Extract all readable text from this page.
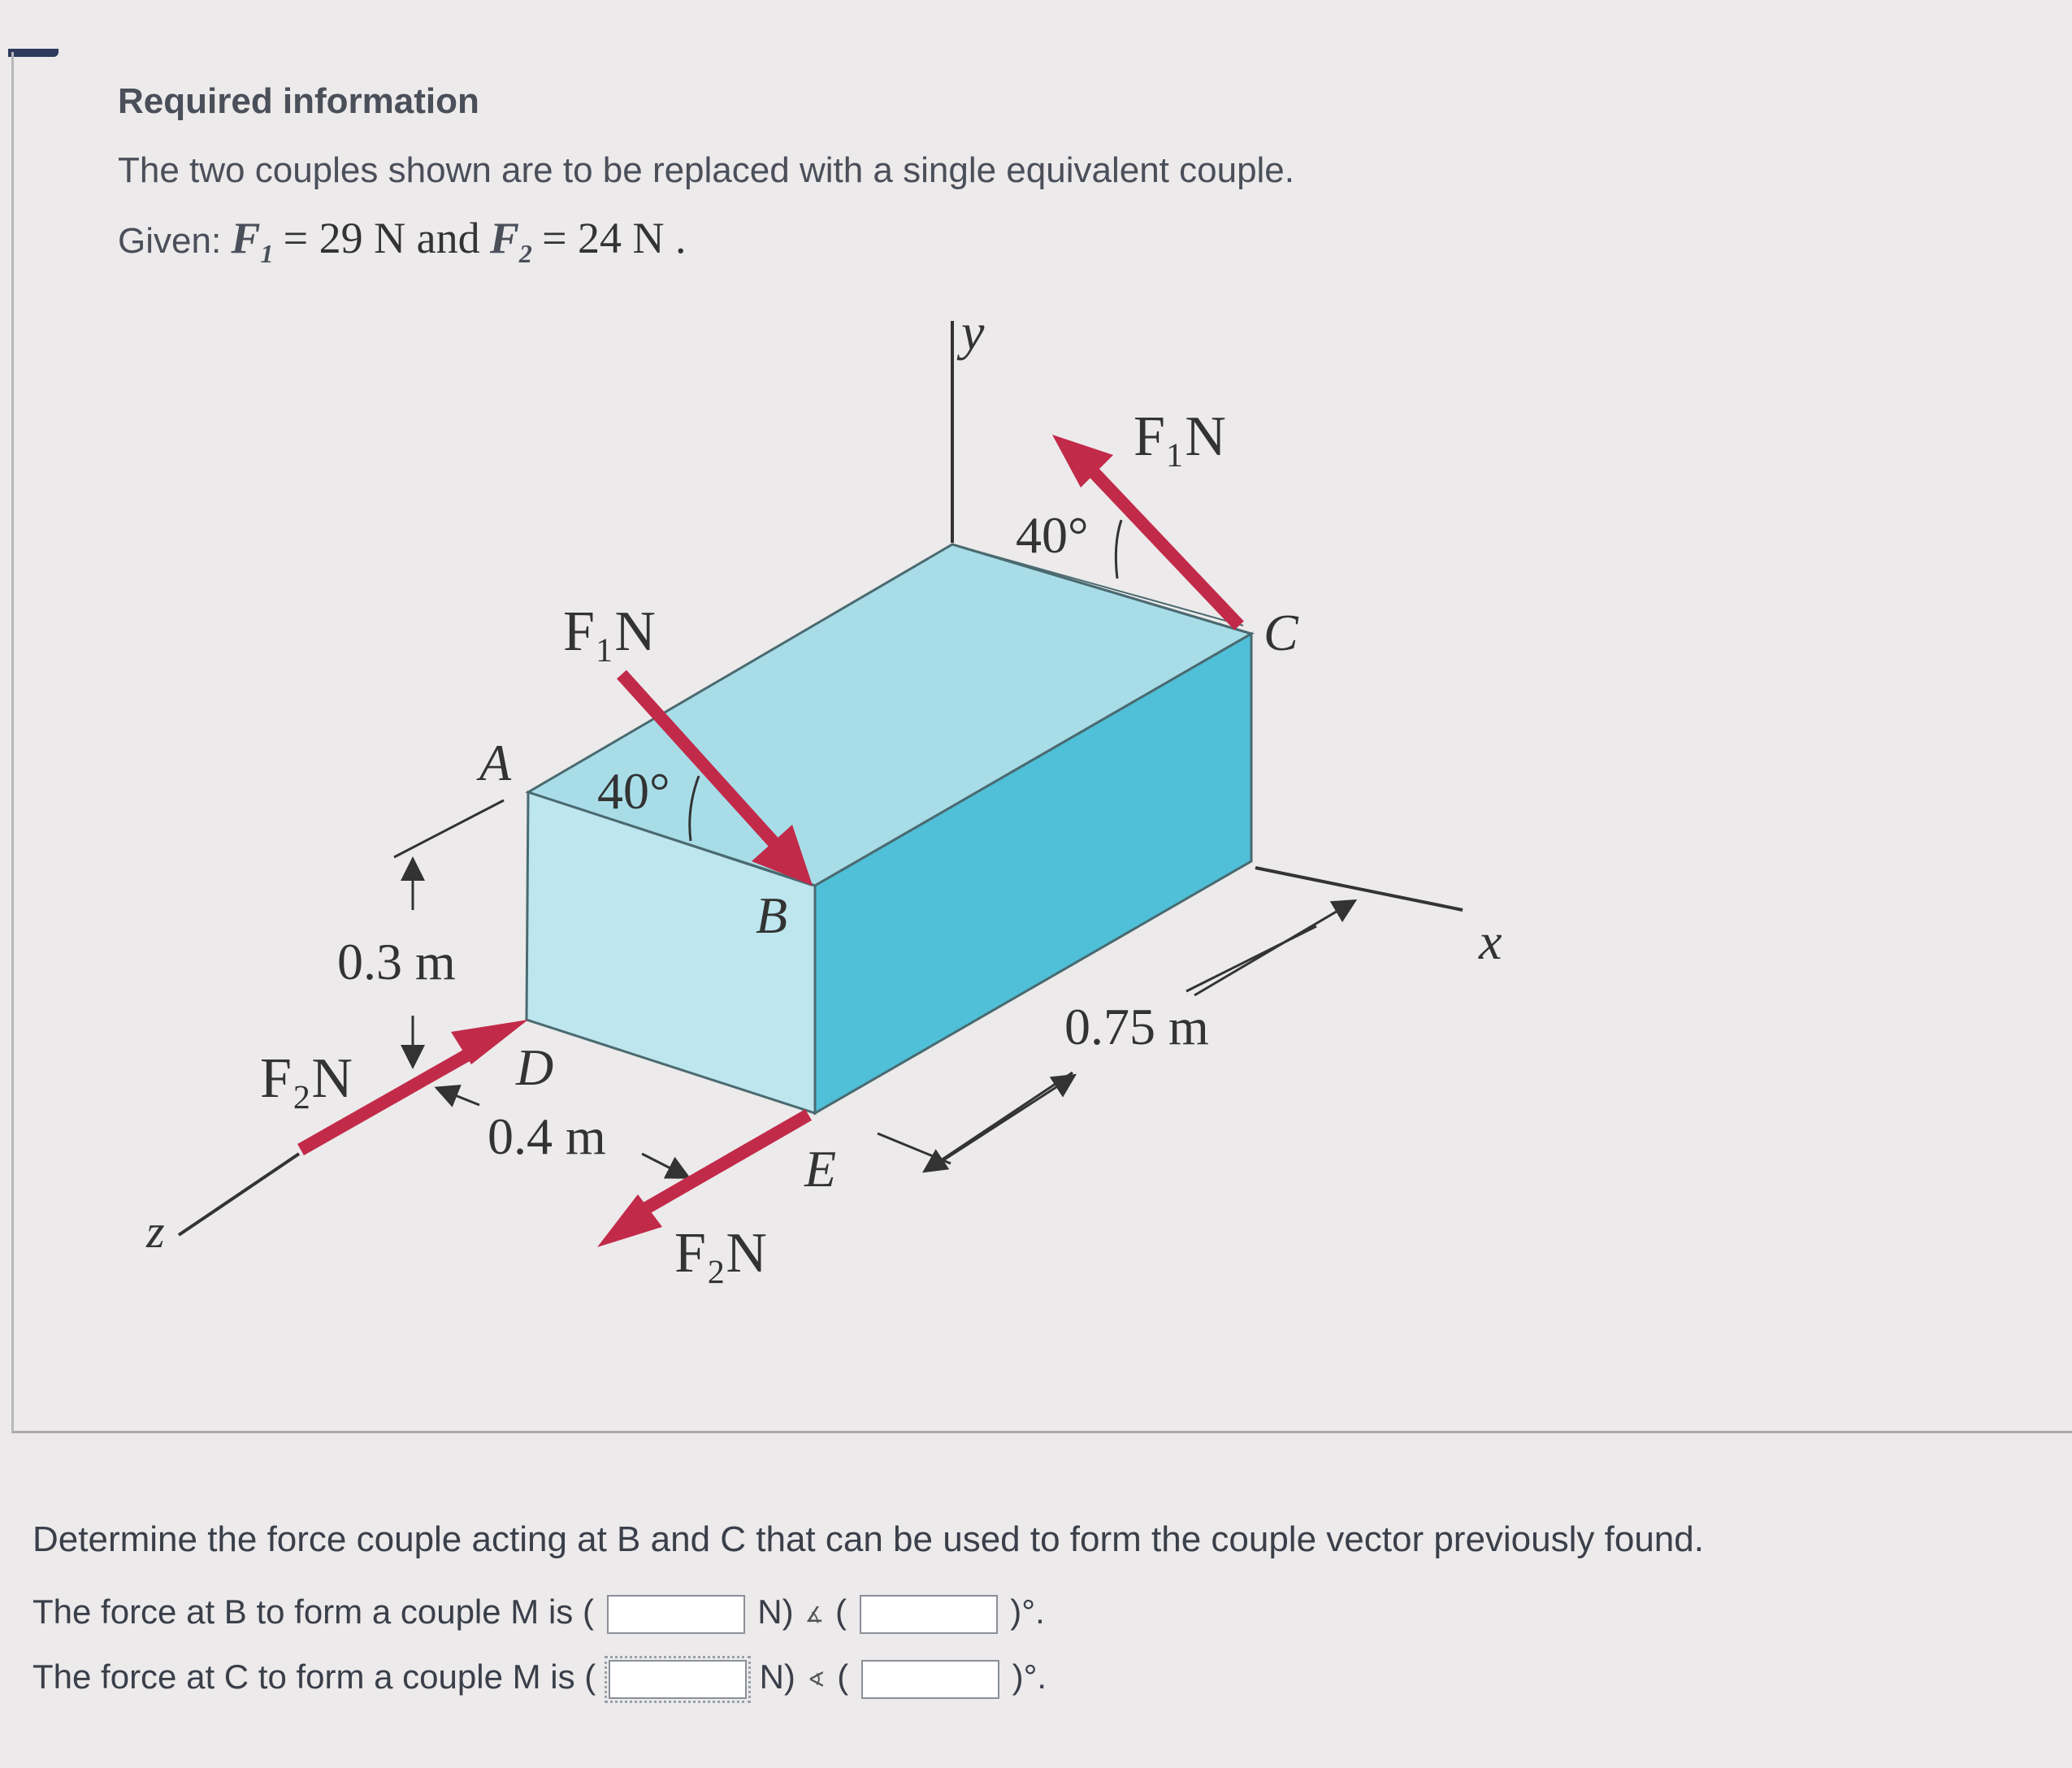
Required information
The two couples shown are to be replaced with a single equivalent couple.
Given: $F_1 = 29$ N and $F_2 = 24$ N .
F₁N
F₁N
F₂N
F₂N
40°
40°
A
B
C
D
E
x
y
z
0.3 m
0.4 m
0.75 m
Determine the force couple acting at B and C that can be used to form the couple vector previously found.
The force at B to form a couple M is (	N) ∡ (	)°.
The force at C to form a couple M is (	N) ∢ (	)°.
